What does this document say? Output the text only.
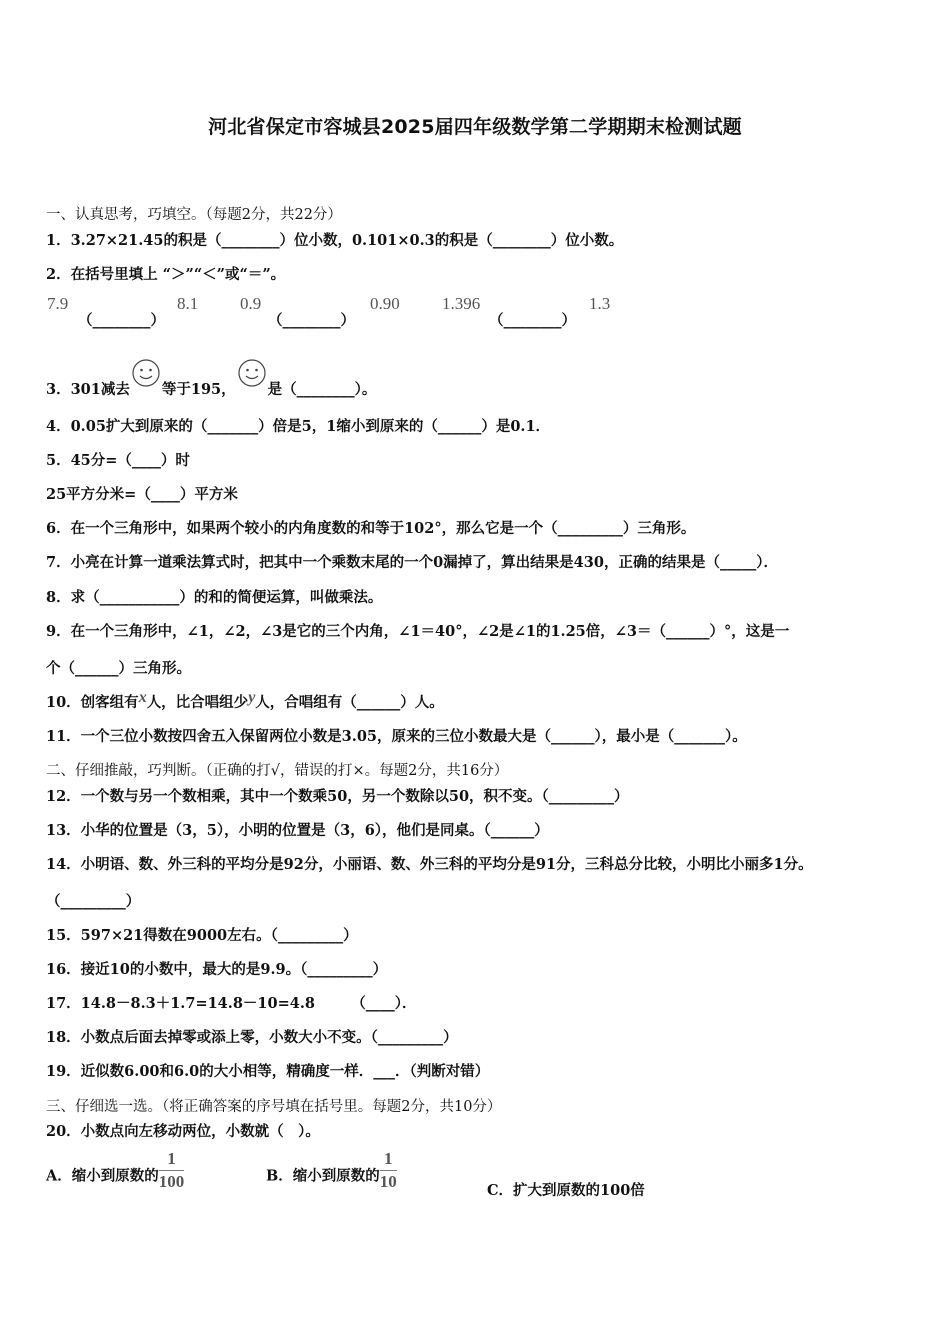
河北省保定市容城县2025届四年级数学第二学期期末检测试题
一、认真思考，巧填空。（每题2分，共22分）
1．3.27×21.45的积是（________）位小数，0.101×0.3的积是（________）位小数。
2．在括号里填上 “＞”“＜”或“＝”。
7.9
（________）
8.1 0.9
（________）
0.90 1.396
（________）
1.3
3．301减去 等于195， 是（________）。
4．0.05扩大到原来的（_______）倍是5，1缩小到原来的（______）是0.1．
5．45分=（____）时
25平方分米=（____）平方米
6．在一个三角形中，如果两个较小的内角度数的和等于102°，那么它是一个（_________）三角形。
7．小亮在计算一道乘法算式时，把其中一个乘数末尾的一个0漏掉了，算出结果是430，正确的结果是（_____）．
8．求（___________）的和的简便运算，叫做乘法。
9．在一个三角形中，∠1，∠2，∠3是它的三个内角，∠1＝40°，∠2是∠1的1.25倍，∠3＝（______）°，这是一
个（______）三角形。
10．创客组有x人，比合唱组少y人，合唱组有（______）人。
11．一个三位小数按四舍五入保留两位小数是3.05，原来的三位小数最大是（______），最小是（_______）。
二、仔细推敲，巧判断。（正确的打√，错误的打×。每题2分，共16分）
12．一个数与另一个数相乘，其中一个数乘50，另一个数除以50，积不变。（_________）
13．小华的位置是（3，5），小明的位置是（3，6），他们是同桌。（______）
14．小明语、数、外三科的平均分是92分，小丽语、数、外三科的平均分是91分，三科总分比较，小明比小丽多1分。
（_________）
15．597×21得数在9000左右。（_________）
16．接近10的小数中，最大的是9.9。（_________）
17．14.8－8.3＋1.7=14.8－10=4.8　　　（____）．
18．小数点后面去掉零或添上零，小数大小不变。（_________）
19．近似数6.00和6.0的大小相等，精确度一样．___．（判断对错）
三、仔细选一选。（将正确答案的序号填在括号里。每题2分，共10分）
20．小数点向左移动两位，小数就（　）。
A．缩小到原数的 $\frac{1}{100}$	B．缩小到原数的 $\frac{1}{10}$	C．扩大到原数的100倍
